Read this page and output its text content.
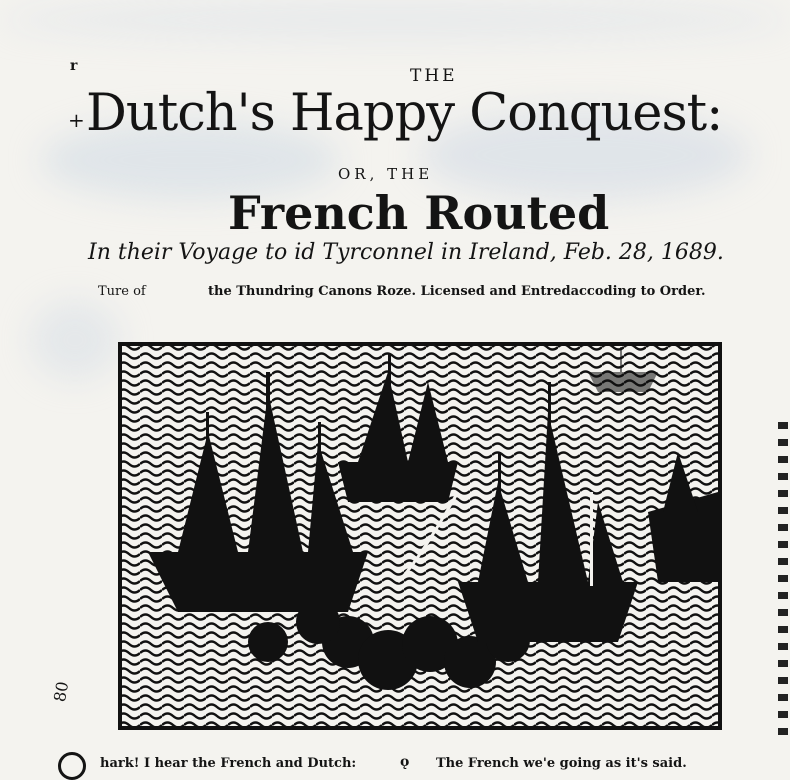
r	THE
+ Dutch's Happy Conquest:
OR, THE
French Routed
In their Voyage to id Tyrconnel in Ireland, Feb. 28, 1689.
Ture of	the Thundring Canons Roze. Licensed and Entredaccoding to Order.
80
hark! I hear the French and Dutch:	ǫ The French we'e going as it's said.
